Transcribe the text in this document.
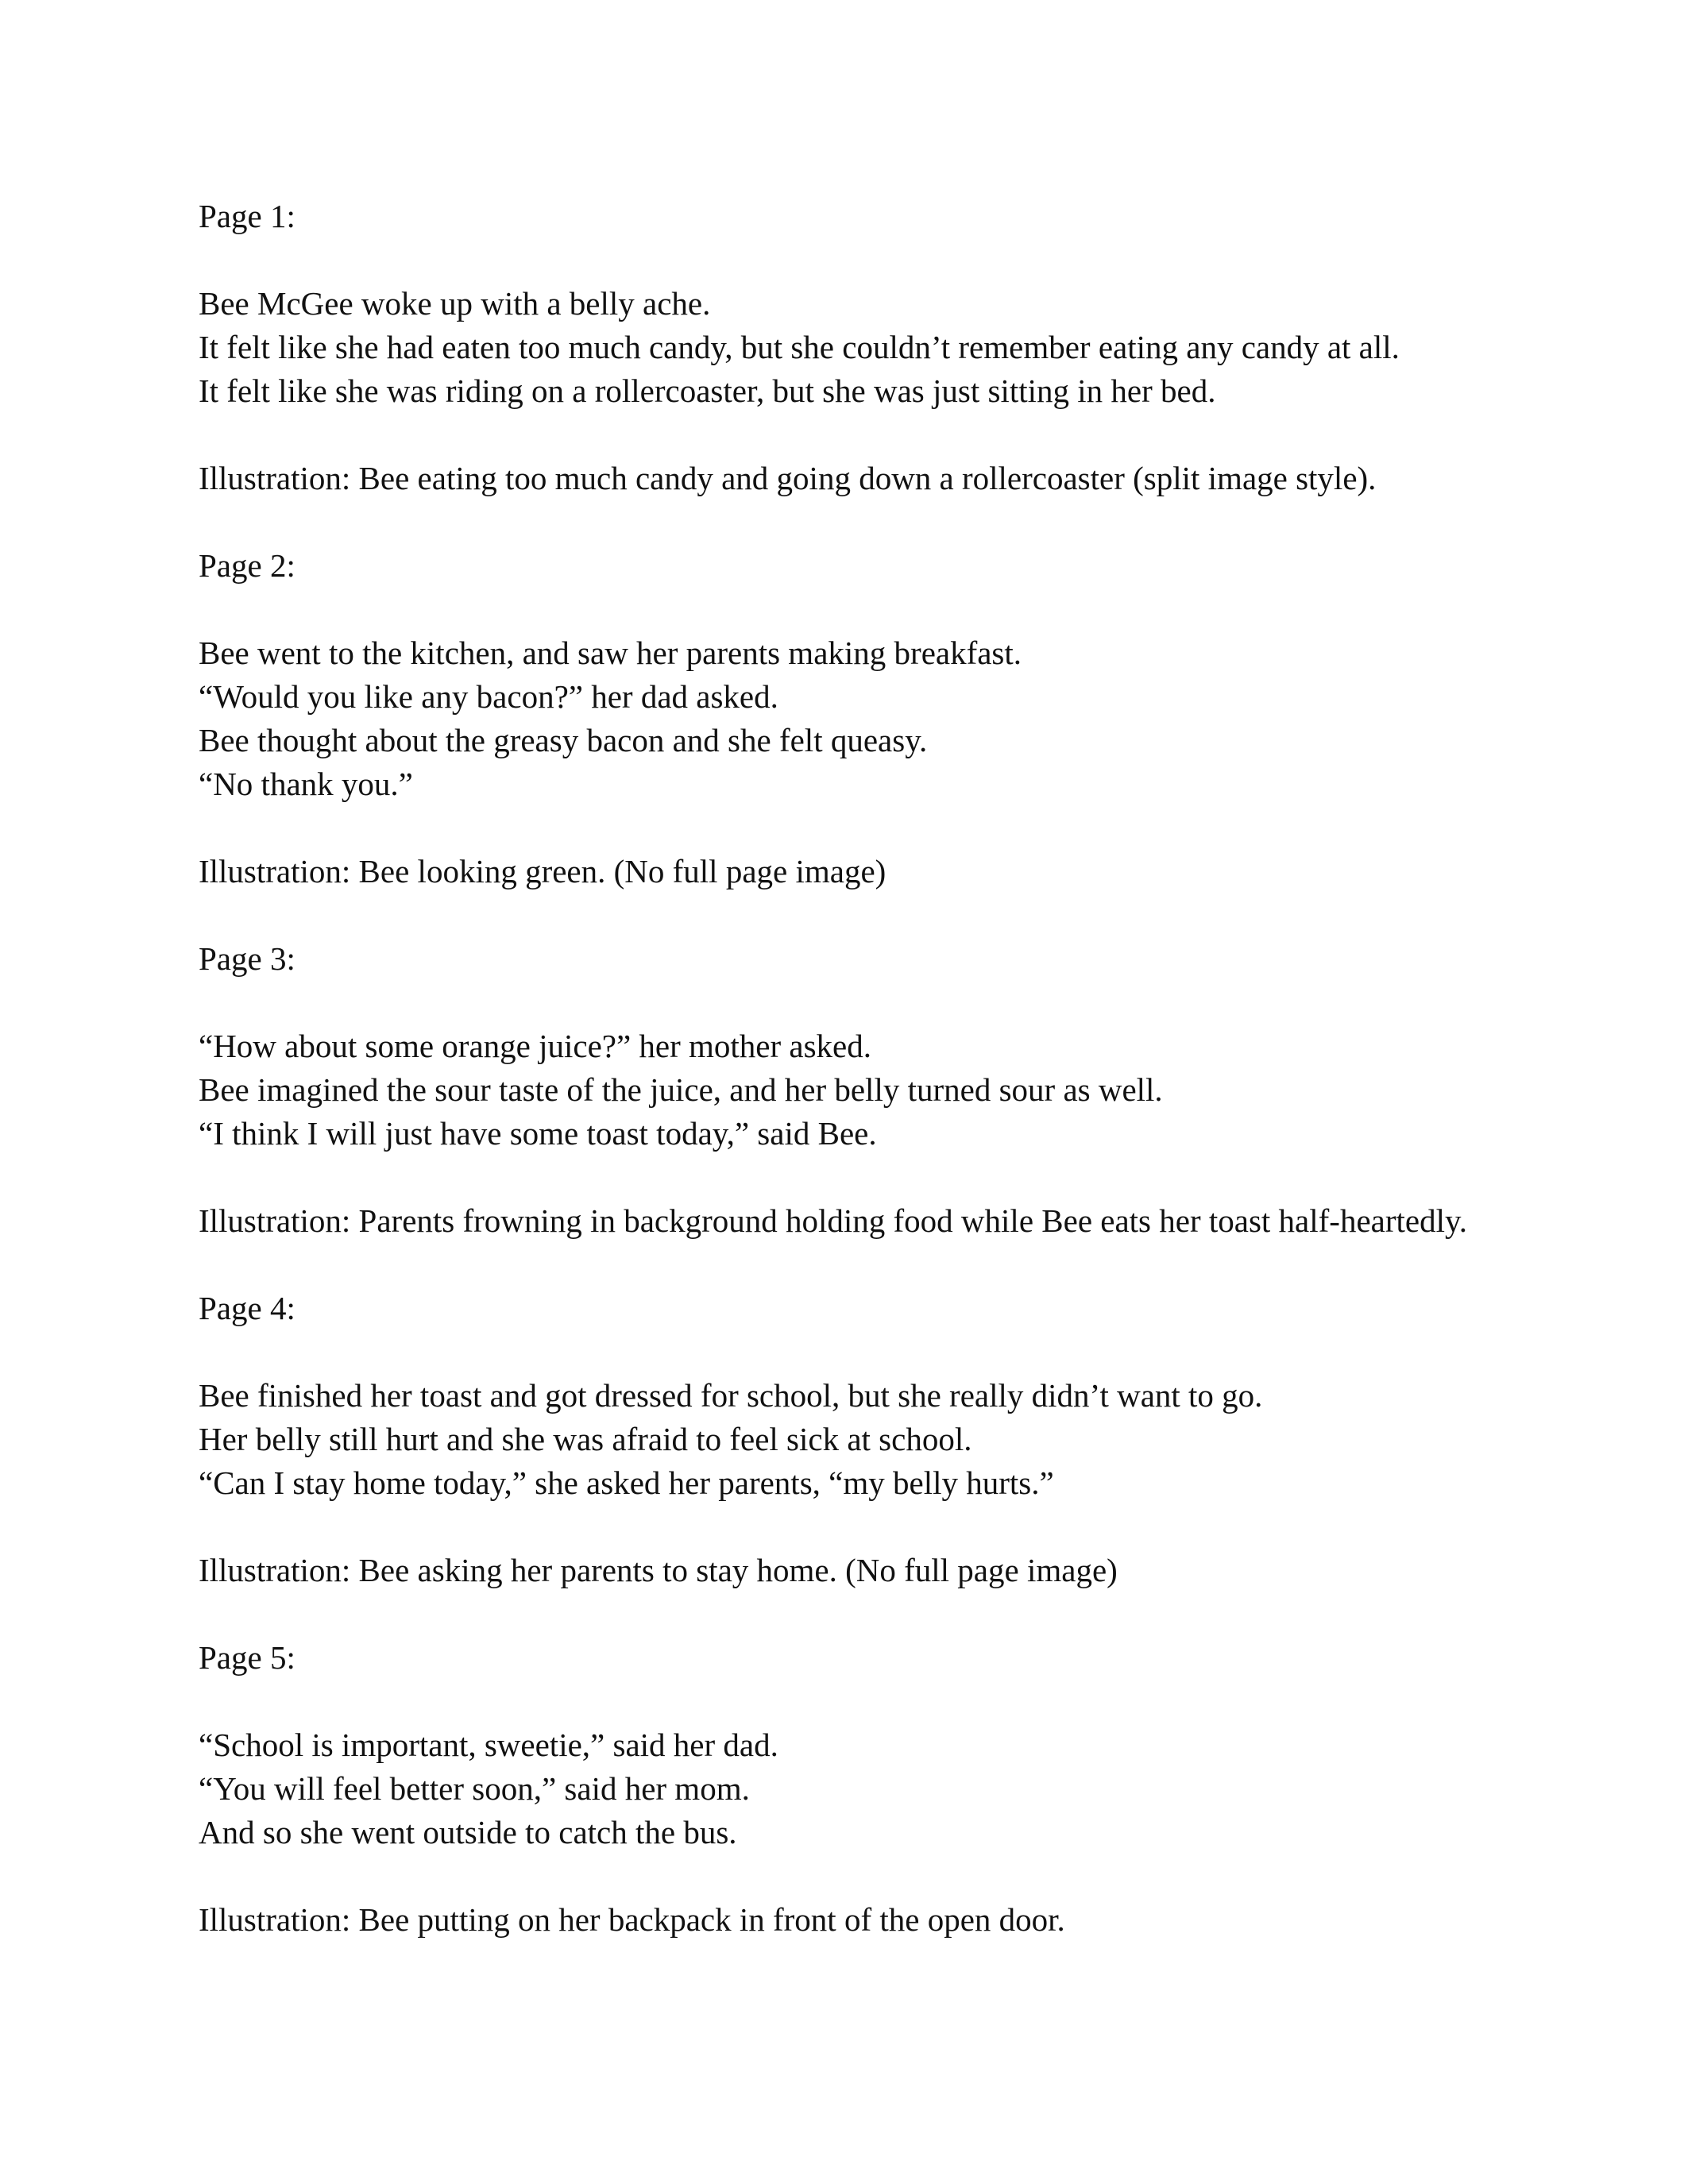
Page 1:
Bee McGee woke up with a belly ache.
It felt like she had eaten too much candy, but she couldn’t remember eating any candy at all.
It felt like she was riding on a rollercoaster, but she was just sitting in her bed.
Illustration: Bee eating too much candy and going down a rollercoaster (split image style).
Page 2:
Bee went to the kitchen, and saw her parents making breakfast.
“Would you like any bacon?” her dad asked.
Bee thought about the greasy bacon and she felt queasy.
“No thank you.”
Illustration: Bee looking green. (No full page image)
Page 3:
“How about some orange juice?” her mother asked.
Bee imagined the sour taste of the juice, and her belly turned sour as well.
“I think I will just have some toast today,” said Bee.
Illustration: Parents frowning in background holding food while Bee eats her toast half-heartedly.
Page 4:
Bee finished her toast and got dressed for school, but she really didn’t want to go.
Her belly still hurt and she was afraid to feel sick at school.
“Can I stay home today,” she asked her parents, “my belly hurts.”
Illustration: Bee asking her parents to stay home. (No full page image)
Page 5:
“School is important, sweetie,” said her dad.
“You will feel better soon,” said her mom.
And so she went outside to catch the bus.
Illustration: Bee putting on her backpack in front of the open door.
